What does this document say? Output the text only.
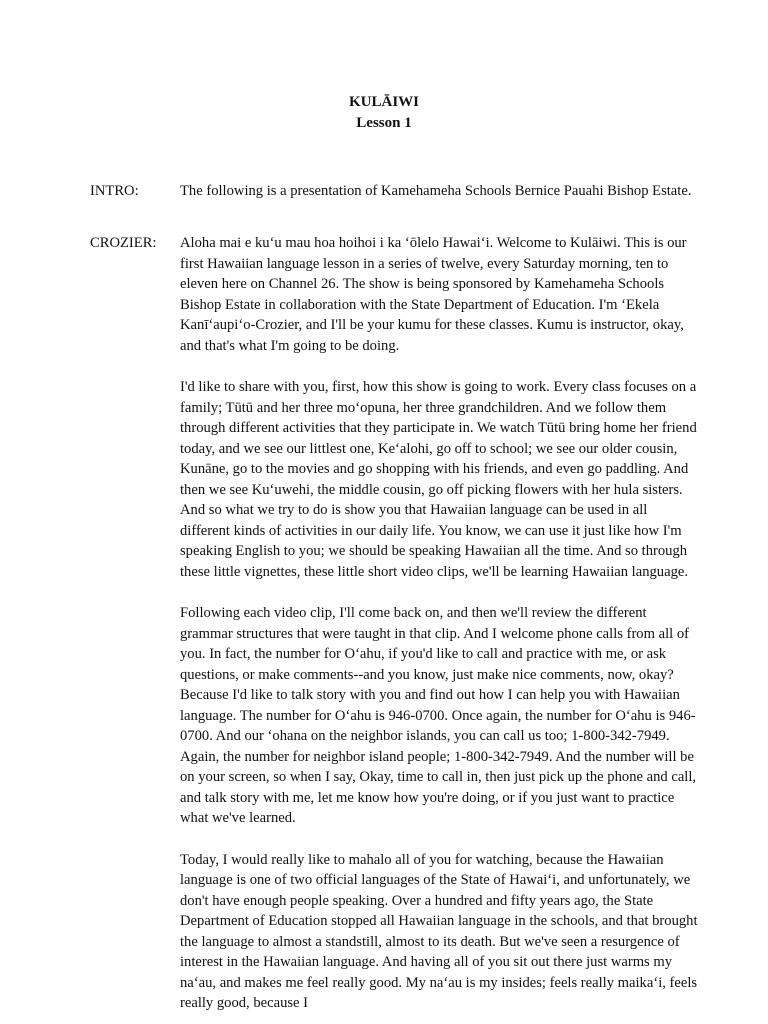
KULĀIWI
Lesson 1
INTRO:	The following is a presentation of Kamehameha Schools Bernice Pauahi Bishop Estate.
CROZIER:	Aloha mai e ku‘u mau hoa hoihoi i ka ‘ōlelo Hawai‘i. Welcome to Kulāiwi. This is our first Hawaiian language lesson in a series of twelve, every Saturday morning, ten to eleven here on Channel 26. The show is being sponsored by Kamehameha Schools Bishop Estate in collaboration with the State Department of Education. I'm ‘Ekela Kanī‘aupi‘o-Crozier, and I'll be your kumu for these classes. Kumu is instructor, okay, and that's what I'm going to be doing.

I'd like to share with you, first, how this show is going to work. Every class focuses on a family; Tūtū and her three mo‘opuna, her three grandchildren. And we follow them through different activities that they participate in. We watch Tūtū bring home her friend today, and we see our littlest one, Ke‘alohi, go off to school; we see our older cousin, Kunāne, go to the movies and go shopping with his friends, and even go paddling. And then we see Ku‘uwehi, the middle cousin, go off picking flowers with her hula sisters. And so what we try to do is show you that Hawaiian language can be used in all different kinds of activities in our daily life. You know, we can use it just like how I'm speaking English to you; we should be speaking Hawaiian all the time. And so through these little vignettes, these little short video clips, we'll be learning Hawaiian language.

Following each video clip, I'll come back on, and then we'll review the different grammar structures that were taught in that clip. And I welcome phone calls from all of you. In fact, the number for O‘ahu, if you'd like to call and practice with me, or ask questions, or make comments--and you know, just make nice comments, now, okay? Because I'd like to talk story with you and find out how I can help you with Hawaiian language. The number for O‘ahu is 946-0700. Once again, the number for O‘ahu is 946-0700. And our ‘ohana on the neighbor islands, you can call us too; 1-800-342-7949. Again, the number for neighbor island people; 1-800-342-7949. And the number will be on your screen, so when I say, Okay, time to call in, then just pick up the phone and call, and talk story with me, let me know how you're doing, or if you just want to practice what we've learned.

Today, I would really like to mahalo all of you for watching, because the Hawaiian language is one of two official languages of the State of Hawai‘i, and unfortunately, we don't have enough people speaking. Over a hundred and fifty years ago, the State Department of Education stopped all Hawaiian language in the schools, and that brought the language to almost a standstill, almost to its death. But we've seen a resurgence of interest in the Hawaiian language. And having all of you sit out there just warms my na‘au, and makes me feel really good. My na‘au is my insides; feels really maika‘i, feels really good, because I
